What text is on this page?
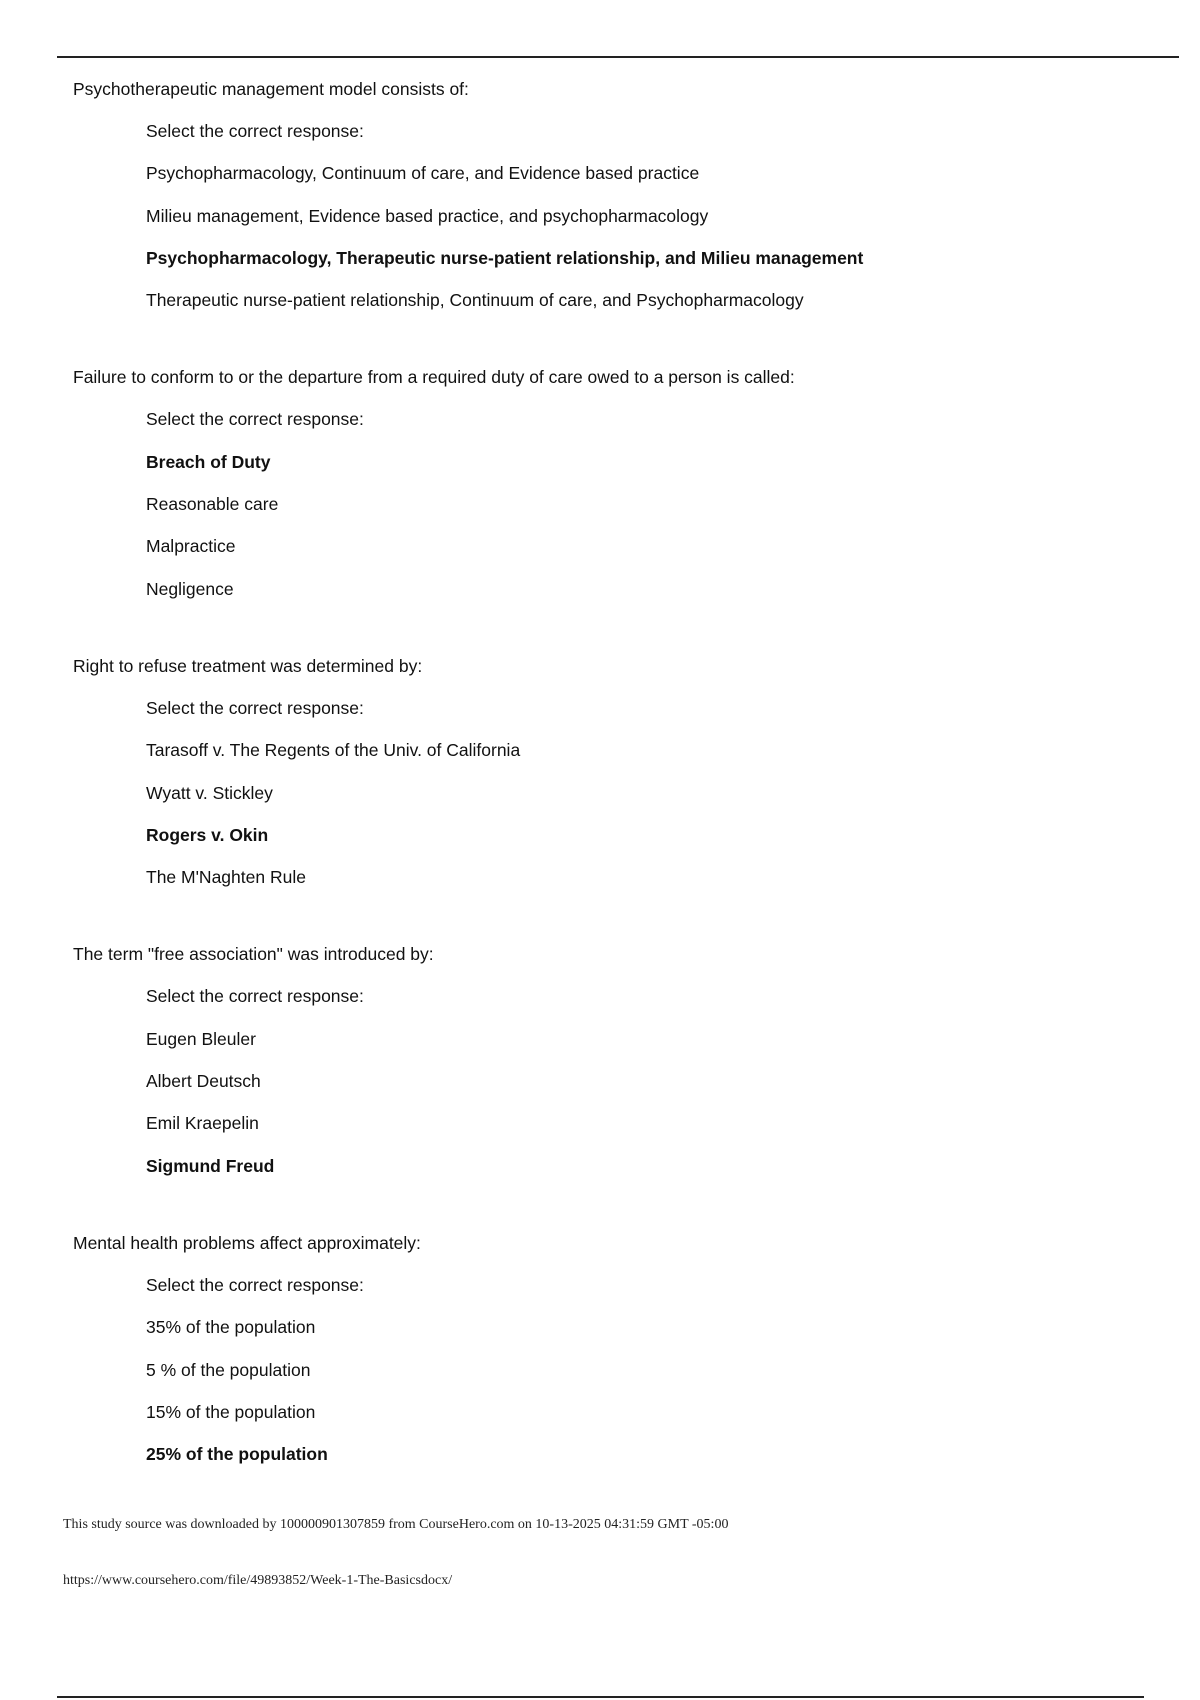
Psychotherapeutic management model consists of:
Select the correct response:
Psychopharmacology, Continuum of care, and Evidence based practice
Milieu management, Evidence based practice, and psychopharmacology
Psychopharmacology, Therapeutic nurse-patient relationship, and Milieu management
Therapeutic nurse-patient relationship, Continuum of care, and Psychopharmacology
Failure to conform to or the departure from a required duty of care owed to a person is called:
Select the correct response:
Breach of Duty
Reasonable care
Malpractice
Negligence
Right to refuse treatment was determined by:
Select the correct response:
Tarasoff v. The Regents of the Univ. of California
Wyatt v. Stickley
Rogers v. Okin
The M'Naghten Rule
The term "free association" was introduced by:
Select the correct response:
Eugen Bleuler
Albert Deutsch
Emil Kraepelin
Sigmund Freud
Mental health problems affect approximately:
Select the correct response:
35% of the population
5 % of the population
15% of the population
25% of the population
This study source was downloaded by 100000901307859 from CourseHero.com on 10-13-2025 04:31:59 GMT -05:00
https://www.coursehero.com/file/49893852/Week-1-The-Basicsdocx/
